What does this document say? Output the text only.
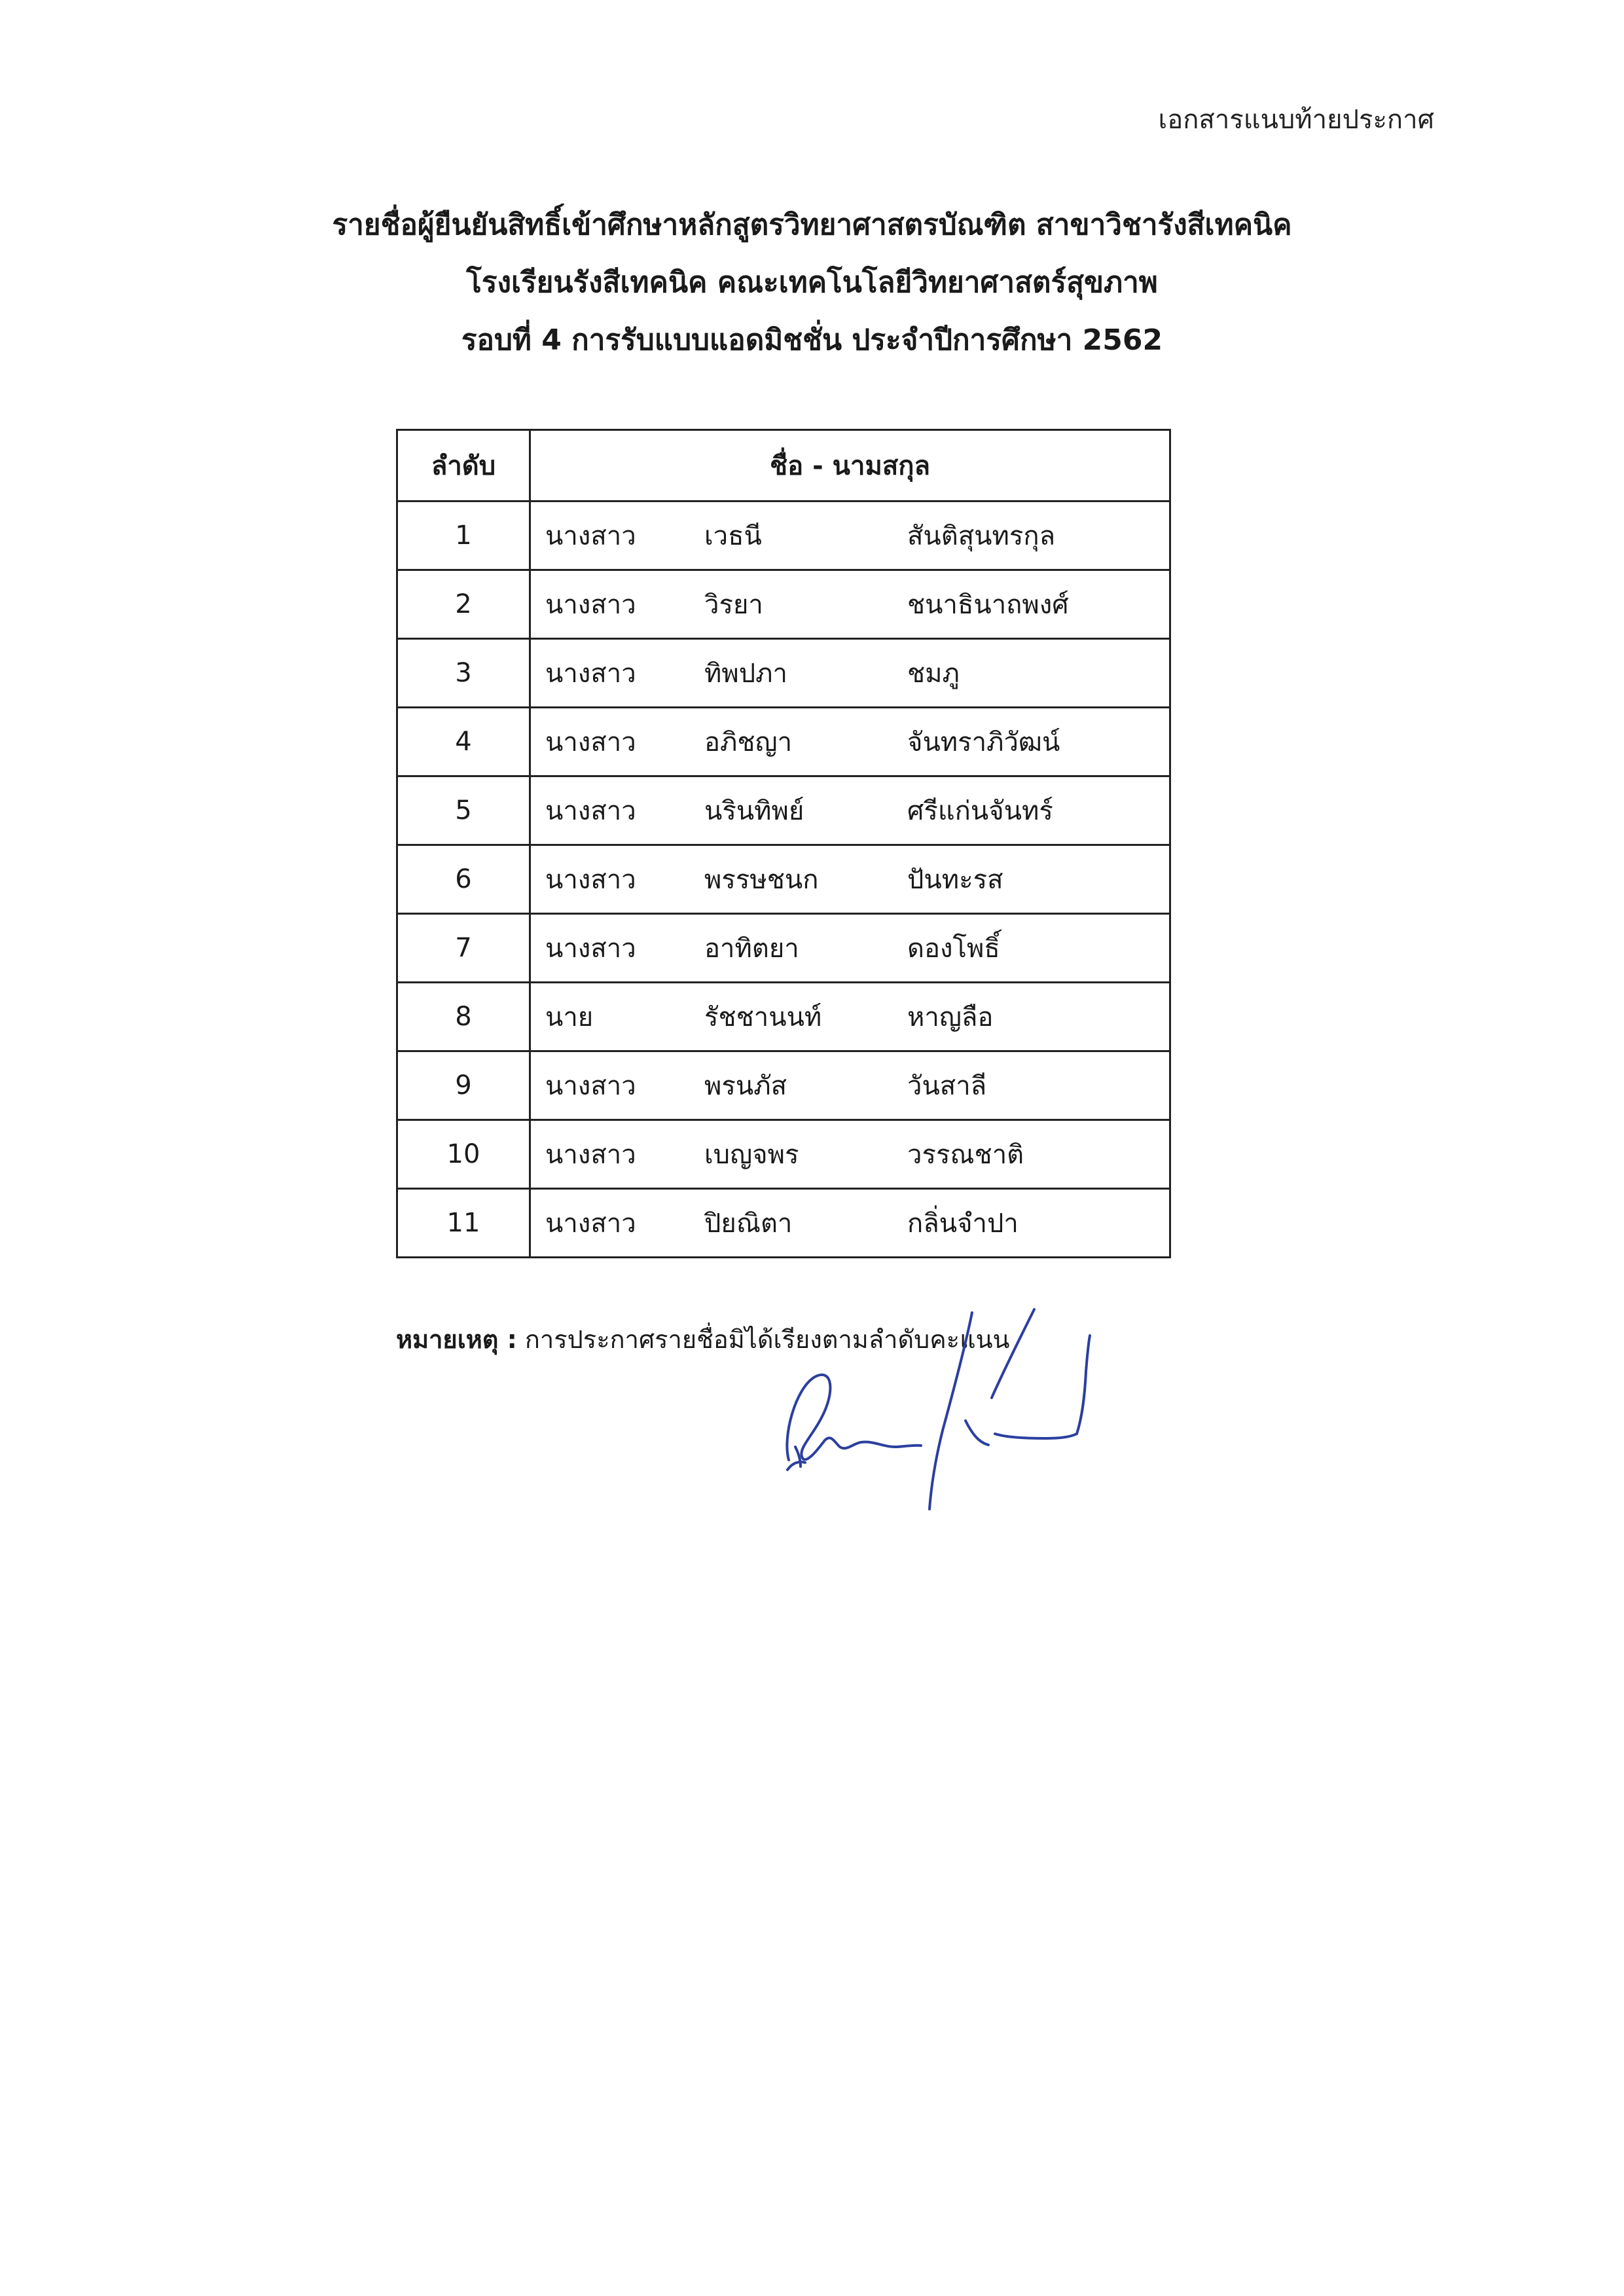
เอกสารแนบท้ายประกาศ
รายชื่อผู้ยืนยันสิทธิ์เข้าศึกษาหลักสูตรวิทยาศาสตรบัณฑิต สาขาวิชารังสีเทคนิค
โรงเรียนรังสีเทคนิค คณะเทคโนโลยีวิทยาศาสตร์สุขภาพ
รอบที่ 4 การรับแบบแอดมิชชั่น ประจำปีการศึกษา 2562
ลำดับ	ชื่อ - นามสกุล
1	นางสาว เวธนี สันติสุนทรกุล

2	นางสาว วิรยา ชนาธินาถพงศ์

3	นางสาว ทิพปภา ชมภู

4	นางสาว อภิชญา จันทราภิวัฒน์

5	นางสาว นรินทิพย์ ศรีแก่นจันทร์

6	นางสาว พรรษชนก ปันทะรส

7	นางสาว อาทิตยา ดองโพธิ์

8	นาย รัชชานนท์ หาญลือ

9	นางสาว พรนภัส วันสาลี

10	นางสาว เบญจพร วรรณชาติ

11	นางสาว ปิยณิตา กลิ่นจำปา
หมายเหตุ : การประกาศรายชื่อมิได้เรียงตามลำดับคะแนน
